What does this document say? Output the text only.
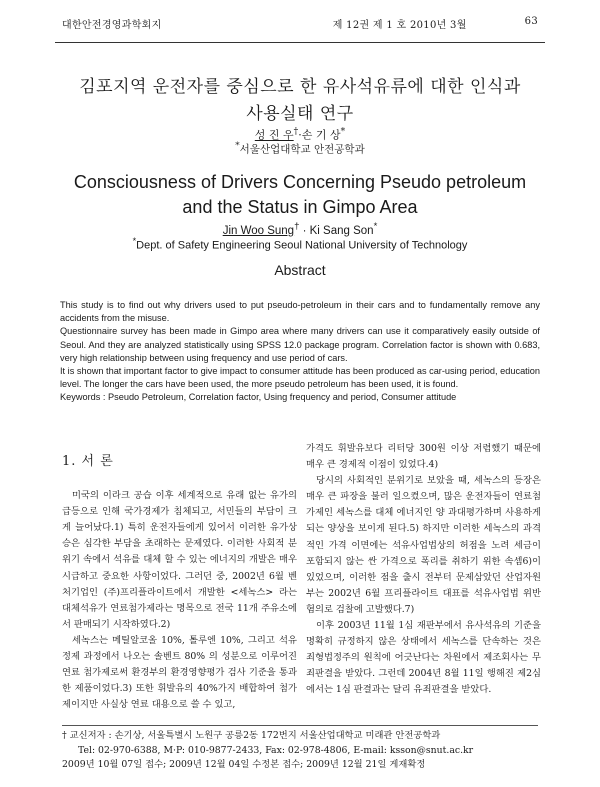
대한안전경영과학회지	제 12권 제 1 호 2010년 3월	63
김포지역 운전자를 중심으로 한 유사석유류에 대한 인식과
사용실태 연구
성 진 우†·손 기 상*
*서울산업대학교 안전공학과
Consciousness of Drivers Concerning Pseudo petroleum
and the Status in Gimpo Area
Jin Woo Sung† · Ki Sang Son*
*Dept. of Safety Engineering Seoul National University of Technology
Abstract

This study is to find out why drivers used to put pseudo-petroleum in their cars and to fundamentally remove any accidents from the misuse.

Questionnaire survey has been made in Gimpo area where many drivers can use it comparatively easily outside of Seoul. And they are analyzed statistically using SPSS 12.0 package program. Correlation factor is shown with 0.683, very high relationship between using frequency and use period of cars.

It is shown that important factor to give impact to consumer attitude has been produced as car-using period, education level. The longer the cars have been used, the more pseudo petroleum has been used, it is found.

Keywords : Pseudo Petroleum, Correlation factor, Using frequency and period, Consumer attitude

1. 서 론

미국의 이라크 공습 이후 세계적으로 유래 없는 유가의 급등으로 인해 국가경제가 침체되고, 서민들의 부담이 크게 늘어났다.1) 특히 운전자들에게 있어서 이러한 유가상승은 심각한 부담을 초래하는 문제였다. 이러한 사회적 분위기 속에서 석유를 대체 할 수 있는 에너지의 개발은 매우 시급하고 중요한 사항이었다. 그러던 중, 2002년 6월 벤처기업인 (주)프리플라이트에서 개발한 <세녹스> 라는 대체석유가 연료첨가제라는 명목으로 전국 11개 주유소에서 판매되기 시작하였다.2)

세녹스는 메틸알코올 10%, 톨루엔 10%, 그리고 석유정제 과정에서 나오는 솔벤트 80% 의 성분으로 이루어진 연료 첨가제로써 환경부의 환경영향평가 검사 기준을 통과한 제품이었다.3) 또한 휘발유의 40%가지 배합하여 첨가제이지만 사실상 연료 대용으로 쓸 수 있고,

가격도 휘발유보다 리터당 300원 이상 저렴했기 때문에 매우 큰 경제적 이점이 있었다.4)

당시의 사회적인 분위기로 보았을 때, 세녹스의 등장은 매우 큰 파장을 불러 일으켰으며, 많은 운전자들이 연료첨가제인 세녹스를 대체 에너지인 양 과대평가하며 사용하게 되는 양상을 보이게 된다.5) 하지만 이러한 세녹스의 과격적인 가격 이면에는 석유사업법상의 허점을 노려 세금이 포함되지 않는 싼 가격으로 폭리를 취하기 위한 속셈6)이 있었으며, 이러한 점을 출시 전부터 문제삼았던 산업자원부는 2002년 6월 프리플라이트 대표를 석유사업법 위반 혐의로 검찰에 고발했다.7)

이후 2003년 11월 1심 재판부에서 유사석유의 기준을 명확히 규정하지 않은 상태에서 세녹스를 단속하는 것은 죄형법정주의 원칙에 어긋난다는 차원에서 제조회사는 무죄판결을 받았다. 그런데 2004년 8월 11일 행해진 제2심에서는 1심 판결과는 달리 유죄판결을 받았다.

† 교신저자 : 손기상, 서울특별시 노원구 공릉2동 172번지 서울산업대학교 미래관 안전공학과
Tel: 02-970-6388, M·P: 010-9877-2433, Fax: 02-978-4806, E-mail: ksson@snut.ac.kr
2009년 10월 07일 접수; 2009년 12월 04일 수정본 접수; 2009년 12월 21일 게재확정
